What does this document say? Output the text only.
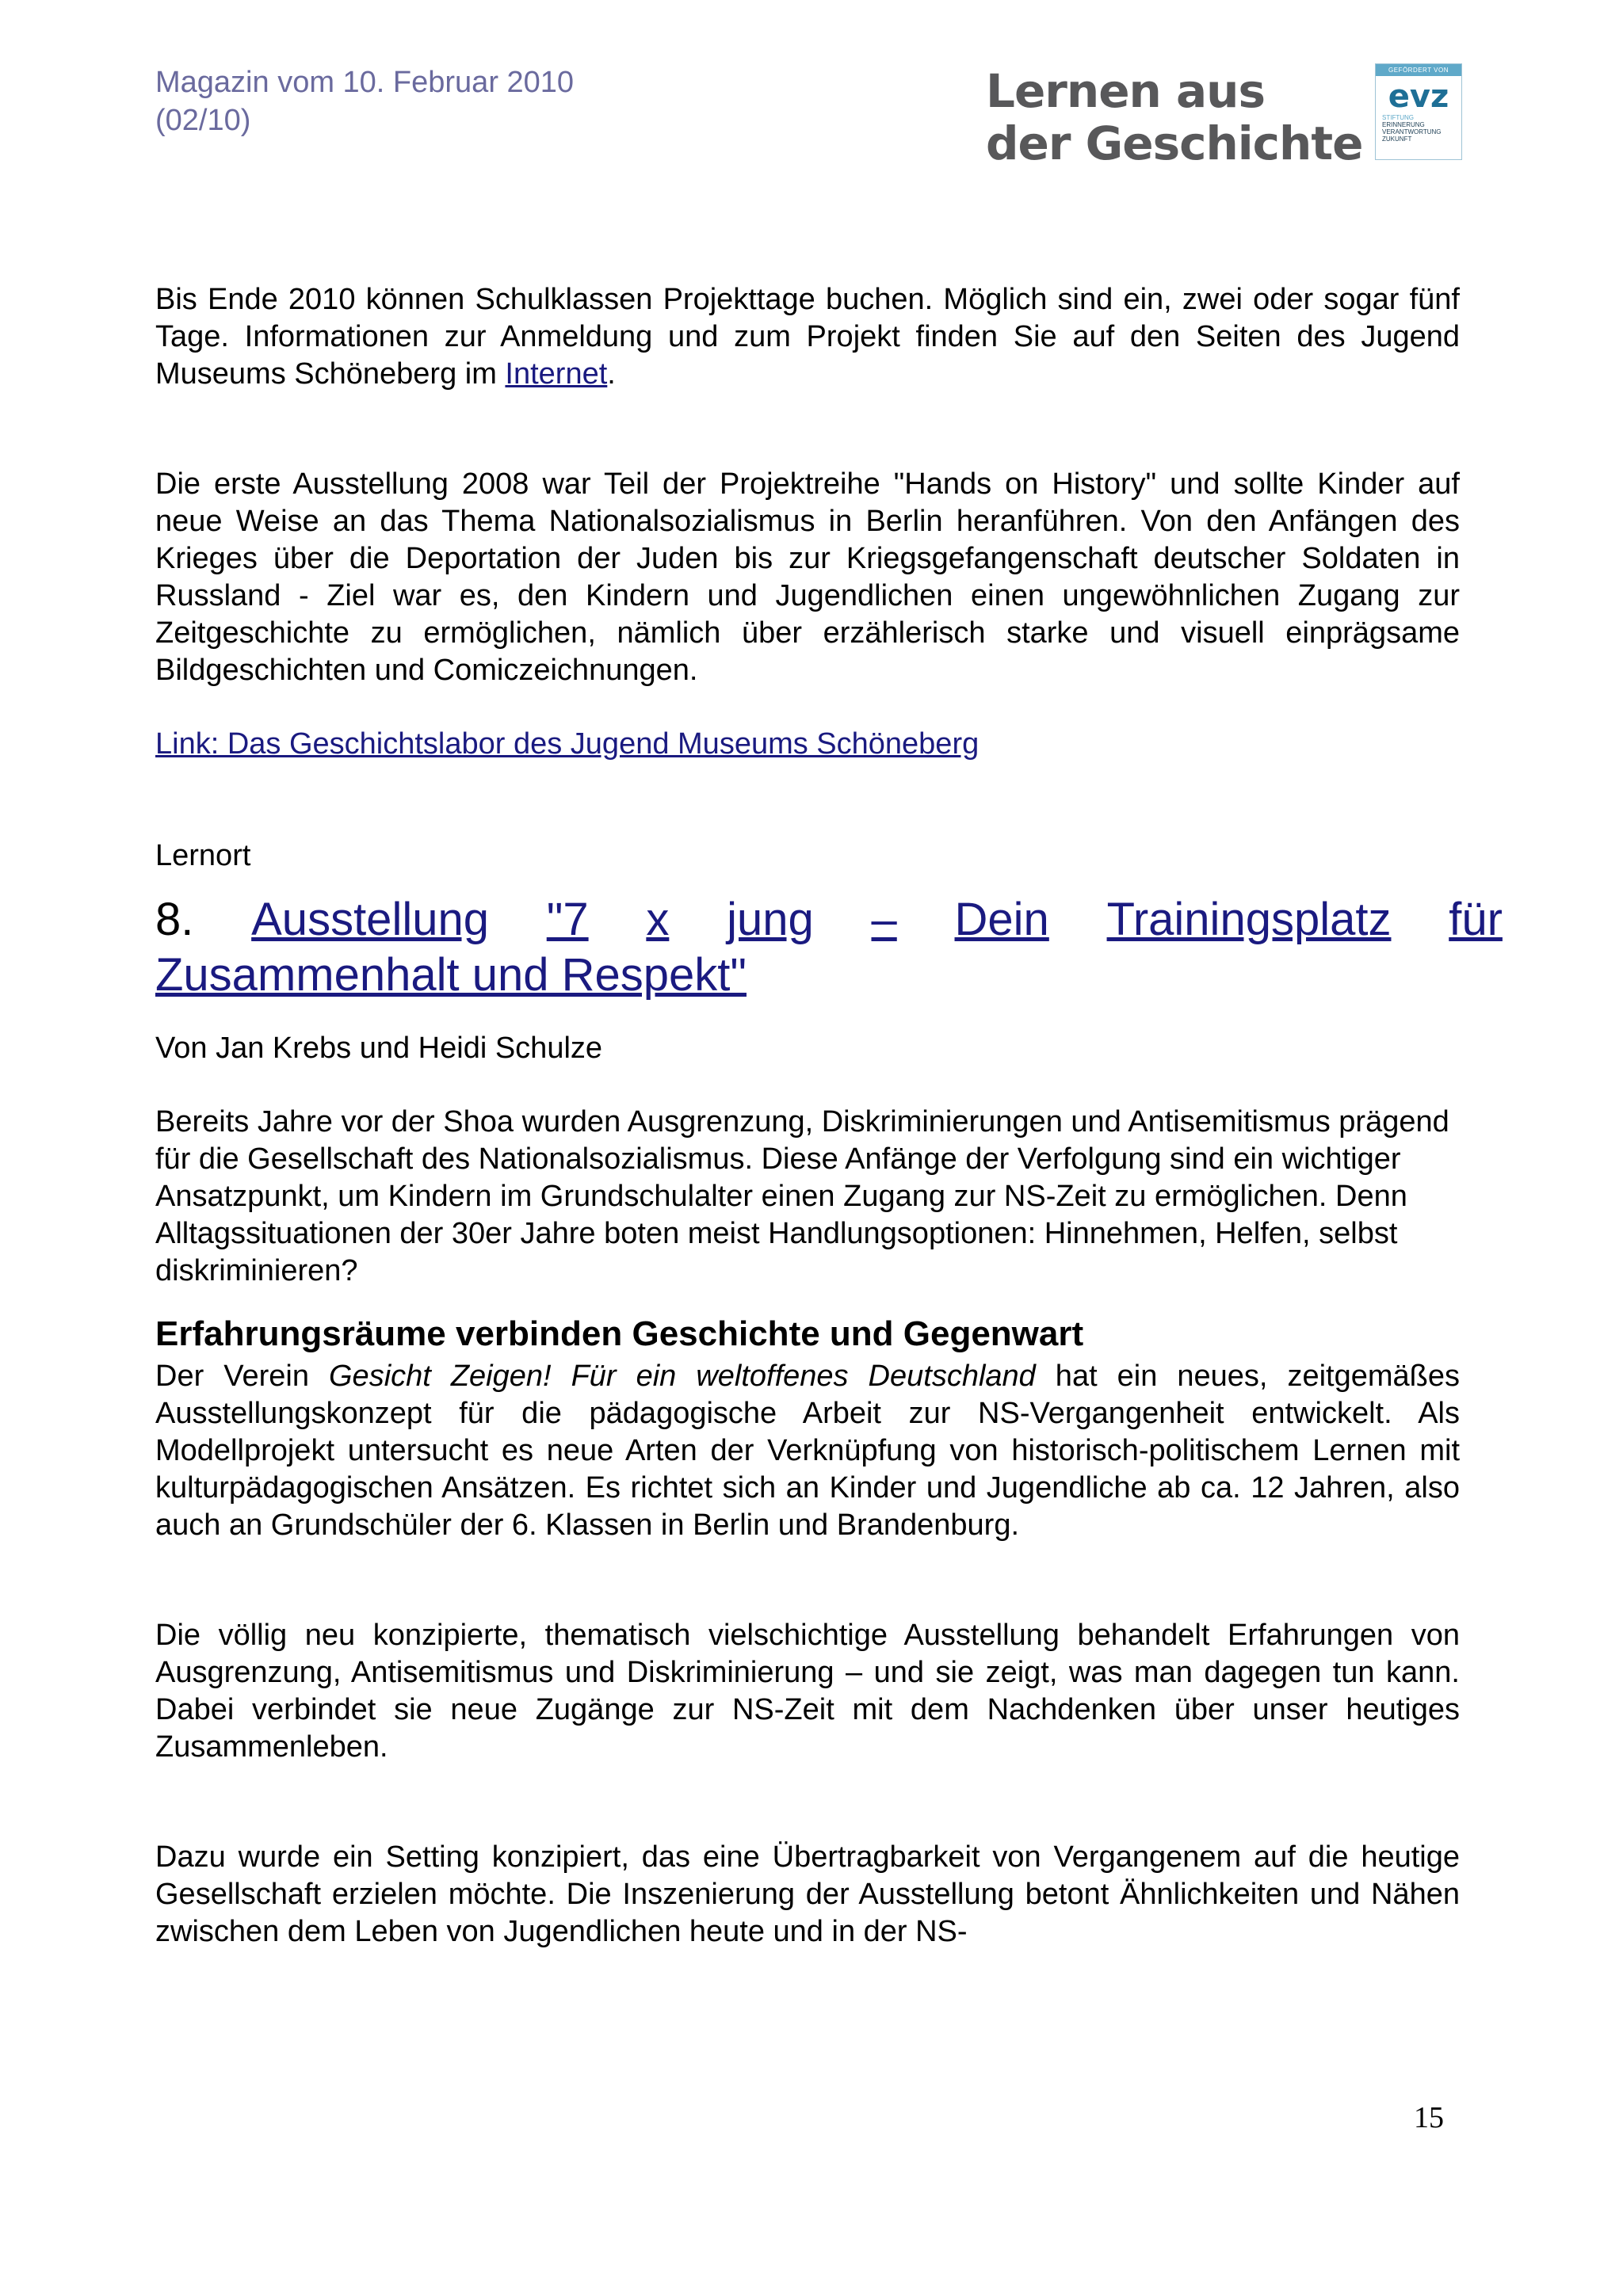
Magazin vom 10. Februar 2010
(02/10)
Lernen aus
der Geschichte
GEFÖRDERT VON
evz
STIFTUNG
ERINNERUNG
VERANTWORTUNG
ZUKUNFT

Bis Ende 2010 können Schulklassen Projekttage buchen. Möglich sind ein, zwei oder sogar fünf Tage. Informationen zur Anmeldung und zum Projekt finden Sie auf den Seiten des Jugend Museums Schöneberg im Internet.

Die erste Ausstellung 2008 war Teil der Projektreihe "Hands on History" und sollte Kinder auf neue Weise an das Thema Nationalsozialismus in Berlin heranführen. Von den Anfängen des Krieges über die Deportation der Juden bis zur Kriegsgefangenschaft deutscher Soldaten in Russland - Ziel war es, den Kindern und Jugendlichen einen ungewöhnlichen Zugang zur Zeitgeschichte zu ermöglichen, nämlich über erzählerisch starke und visuell einprägsame Bildgeschichten und Comiczeichnungen.

Link: Das Geschichtslabor des Jugend Museums Schöneberg

Lernort

8. Ausstellung "7 x jung – Dein Trainingsplatz für
Zusammenhalt und Respekt"

Von Jan Krebs und Heidi Schulze

Bereits Jahre vor der Shoa wurden Ausgrenzung, Diskriminierungen und Antisemitismus prägend für die Gesellschaft des Nationalsozialismus. Diese Anfänge der Verfolgung sind ein wichtiger Ansatzpunkt, um Kindern im Grundschulalter einen Zugang zur NS-Zeit zu ermöglichen. Denn Alltagssituationen der 30er Jahre boten meist Handlungsoptionen: Hinnehmen, Helfen, selbst diskriminieren?

Erfahrungsräume verbinden Geschichte und Gegenwart

Der Verein Gesicht Zeigen! Für ein weltoffenes Deutschland hat ein neues, zeitgemäßes Ausstellungskonzept für die pädagogische Arbeit zur NS-Vergangenheit entwickelt. Als Modellprojekt untersucht es neue Arten der Verknüpfung von historisch-politischem Lernen mit kulturpädagogischen Ansätzen. Es richtet sich an Kinder und Jugendliche ab ca. 12 Jahren, also auch an Grundschüler der 6. Klassen in Berlin und Brandenburg.

Die völlig neu konzipierte, thematisch vielschichtige Ausstellung behandelt Erfahrungen von Ausgrenzung, Antisemitismus und Diskriminierung – und sie zeigt, was man dagegen tun kann. Dabei verbindet sie neue Zugänge zur NS-Zeit mit dem Nachdenken über unser heutiges Zusammenleben.

Dazu wurde ein Setting konzipiert, das eine Übertragbarkeit von Vergangenem auf die heutige Gesellschaft erzielen möchte. Die Inszenierung der Ausstellung betont Ähnlichkeiten und Nähen zwischen dem Leben von Jugendlichen heute und in der NS-

15
